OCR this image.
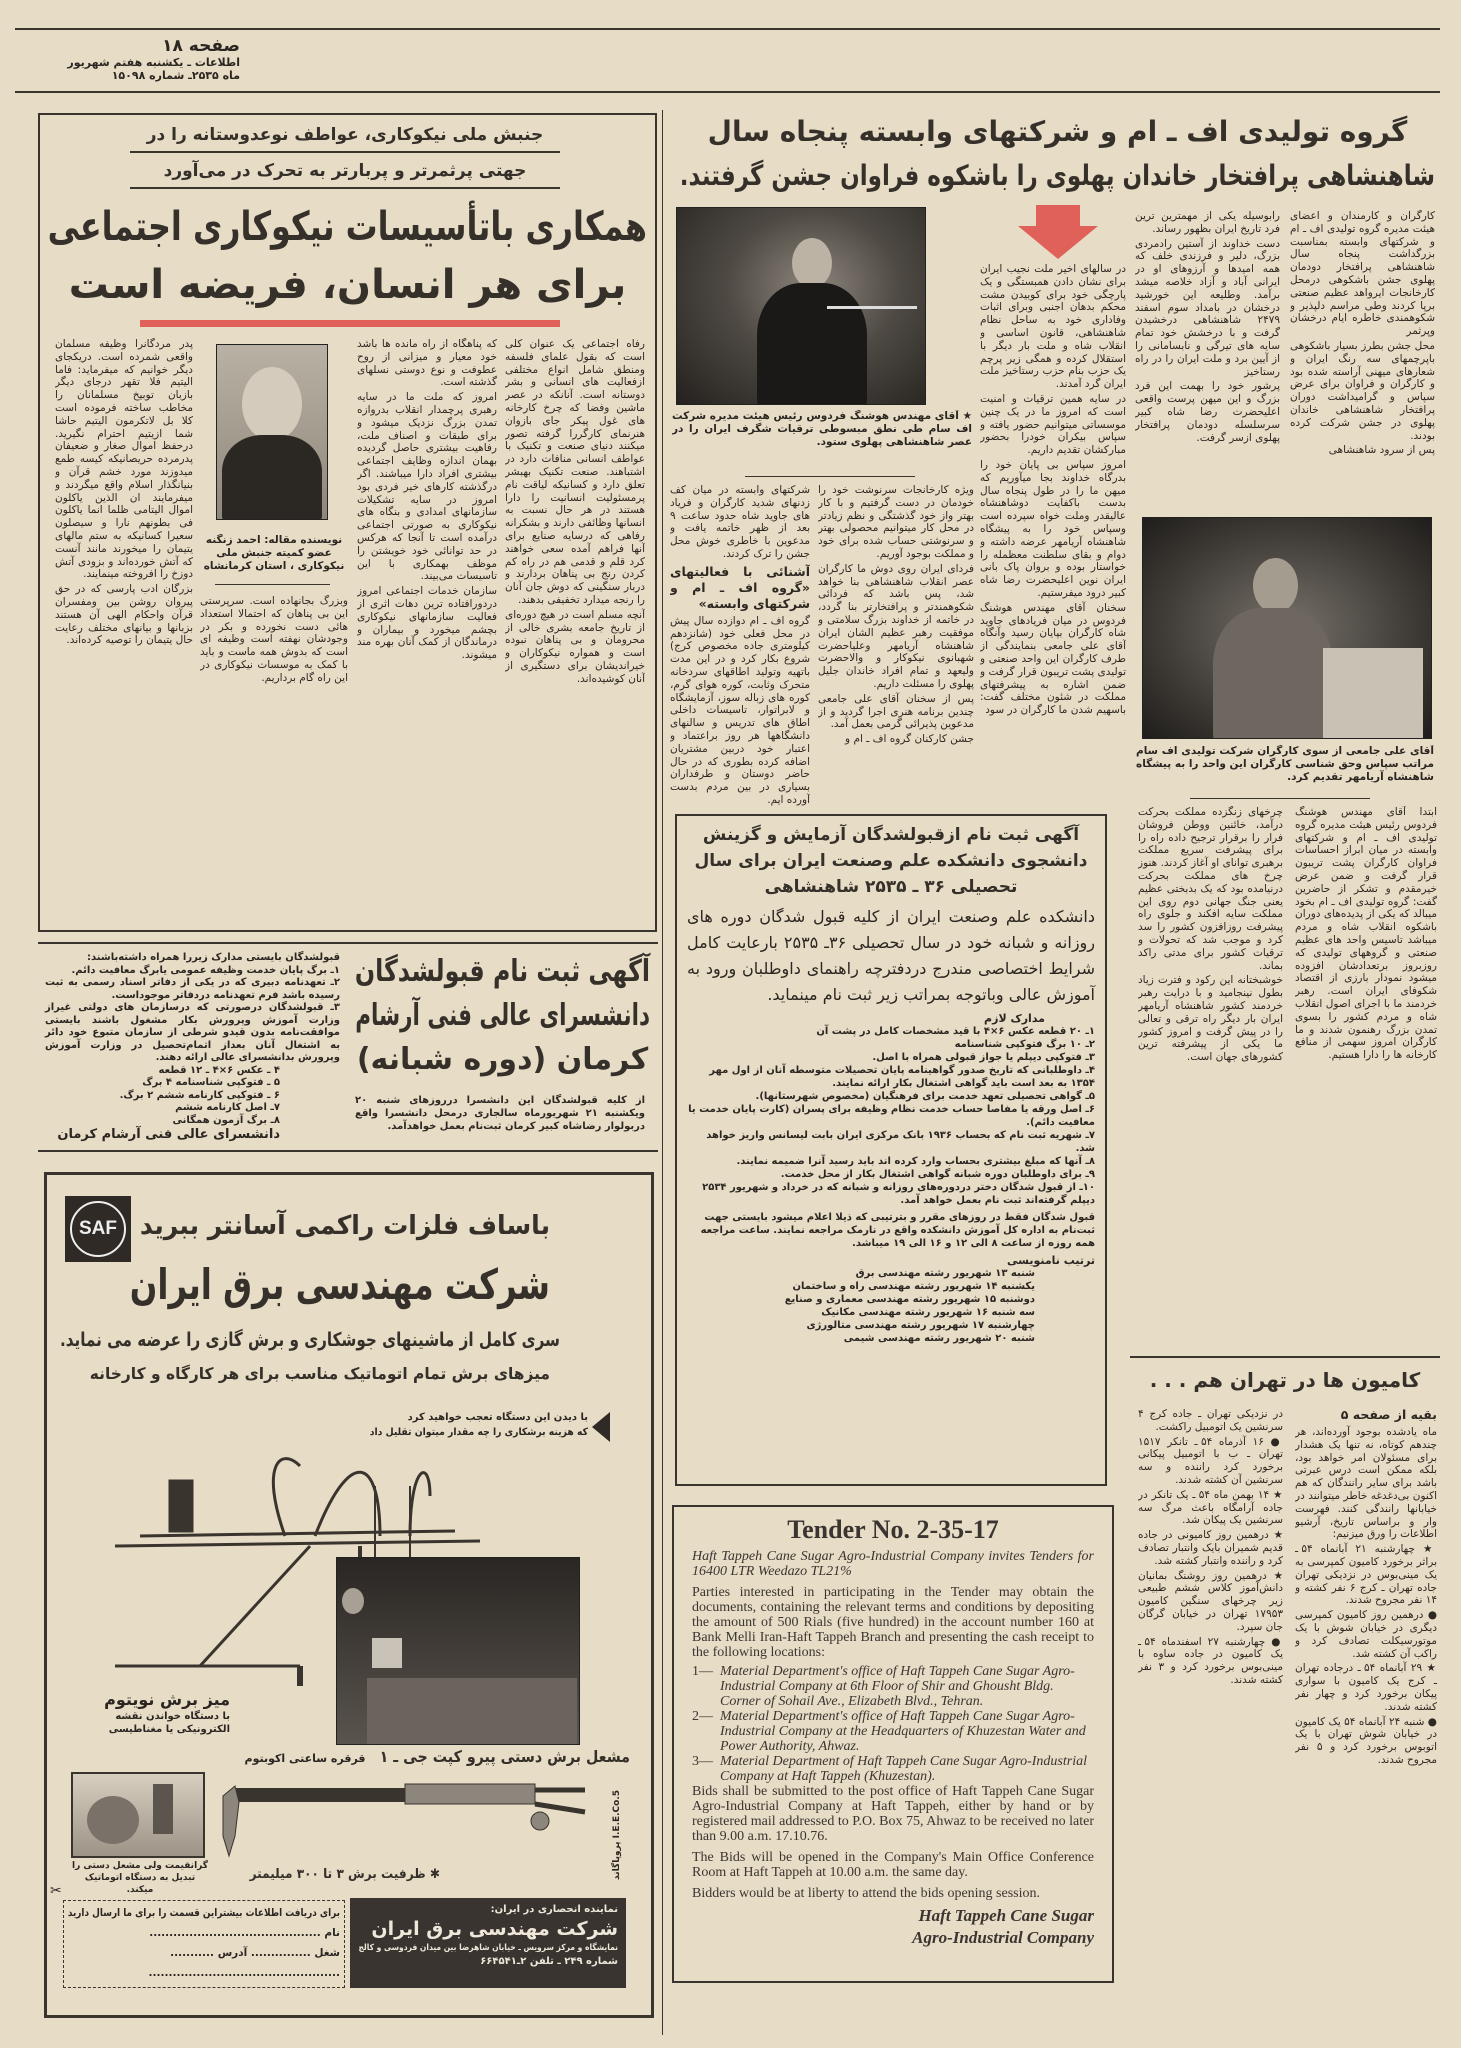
صفحه ۱۸
اطلاعات ـ یکشنبه هفتم شهریور
ماه ۲۵۳۵ـ شماره ۱۵۰۹۸
جنبش ملی نیکوکاری، عواطف نوعدوستانه را در
جهتی پرثمرتر و پربارتر به تحرک در می‌آورد
همکاری باتأسیسات نیکوکاری اجتماعی
برای هر انسان، فریضه است

رفاه اجتماعی یک عنوان کلی است که بقول علمای فلسفه ومنطق شامل انواع مختلفی ازفعالیت های انسانی و بشر دوستانه است. آنانکه در عصر ماشین وفضا که چرخ کارخانه های غول پیکر جای بازوان هنرنمای کارگررا گرفته تصور میکنند دنیای صنعت و تکنیک با عواطف انسانی منافات دارد در اشتباهند. صنعت تکنیک بهبشر تعلق دارد و کسانیکه لیاقت نام پرمسئولیت انسانیت را دارا هستند در هر حال نسبت به انسانها وظائفی دارند و بشکرانه رفاهی که درسایه صنایع برای آنها فراهم آمده سعی خواهند کرد قلم و قدمی هم در راه کم کردن رنج بی پناهان بردارند و دربار سنگینی که دوش جان آنان را رنجه میدارد تخفیفی بدهند.

آنچه مسلم است در هیچ دوره‌ای از تاریخ جامعه بشری خالی از محرومان و بی پناهان نبوده است و همواره نیکوکاران و خیراندیشان برای دستگیری از آنان کوشیده‌اند.

که پناهگاه از راه مانده ها باشد خود معیار و میزانی از روح عطوفت و نوع دوستی نسلهای گذشته است.

امروز که ملت ما در سایه رهبری پرچمدار انقلاب بدروازه تمدن بزرگ نزدیک میشود و برای طبقات و اصناف ملت، رفاهیت بیشتری حاصل گردیده بهمان اندازه وظایف اجتماعی بیشتری افراد دارا میباشند. اگر درگذشته کارهای خیر فردی بود امروز در سایه تشکیلات سازمانهای امدادی و بنگاه های نیکوکاری به صورتی اجتماعی درآمده است تا آنجا که هرکس در حد توانائی خود خویشتن را موظف بهمکاری با این تاسیسات می‌بیند.

سازمان خدمات اجتماعی امروز دردورافتاده ترین دهات اثری از فعالیت سازمانهای نیکوکاری بچشم میخورد و بیماران و درماندگان از کمک آنان بهره مند میشوند.

نویسنده مقاله: احمد زنگنه عضو کمیته جنبش ملی نیکوکاری ، استان کرمانشاه

وبزرگ بجانهاده است. سرپرستی این بی پناهان که احتمالا استعداد هائی دست نخورده و بکر در وجودشان نهفته است وظیفه ای است که بدوش همه ماست و باید با کمک به موسسات نیکوکاری در این راه گام برداریم.

پدر مردگانرا وظیفه مسلمان واقعی شمرده است. دریکجای دیگر خوانیم که میفرماید: فاما اليتيم فلا تقهر درجای دیگر بازبان توبیخ مسلمانان را مخاطب ساخته فرموده است كلا بل لاتكرمون اليتيم حاشا شما ازیتیم احترام نگیرید. درحفظ اموال صغار و ضعیفان پدرمرده حریصانیکه کیسه طمع میدوزند مورد خشم قرآن و بنیانگذار اسلام واقع میگردند و میفرمایند ان الذین یاکلون اموال اليتامى ظلما انما یاکلون فی بطونهم نارا و سیصلون سعیرا کسانیکه به ستم مالهای یتیمان را میخورند مانند آنست که آتش خورده‌اند و بزودی آتش دوزخ را افروخته مینمایند.

بزرگان ادب پارسی که در حق پیروان روشن بین ومفسران قرآن واحکام الهی آن هستند بزبانها و بیانهای مختلف رعایت حال یتیمان را توصیه کرده‌اند.

گروه تولیدی اف ـ ام و شرکتهای وابسته پنجاه سال
شاهنشاهی پرافتخار خاندان پهلوی را باشکوه فراوان جشن گرفتند.

کارگران و کارمندان و اعضای هیئت مدیره گروه تولیدی اف ـ ام و شرکتهای وابسته بمناسبت بزرگداشت پنجاه سال شاهنشاهی پرافتخار دودمان پهلوی جشن باشکوهی درمحل کارخانجات ایرواهد عظیم صنعتی برپا کردند وطی مراسم دلپذیر و شکوهمندی خاطره ایام درخشان وپرثمر

محل جشن بطرز بسیار باشکوهی باپرچمهای سه رنگ ایران و شعارهای میهنی آراسته شده بود و کارگران و فراوان برای عرض سپاس و گرامیداشت دوران پرافتخار شاهنشاهی خاندان پهلوی در جشن شرکت کرده بودند.

پس از سرود شاهنشاهی

رابوسیله یکی از مهمترین ترین فرد تاریخ ایران بظهور رساند.

دست خداوند از آستین رادمردی بزرگ، دلیر و فرزندی خلف که همه امیدها و آرزوهای او در ایرانی آباد و آزاد خلاصه میشد برآمد. وطلیعه این خورشید درخشان در بامداد سوم اسفند ۲۴۷۹ شاهنشاهی درخشیدن گرفت و با درخشش خود تمام سایه های تیرگی و نابسامانی را از آیین برد و ملت ایران را در راه رستاخیز

پرشور خود را بهمت این فرد بزرگ و این میهن پرست واقعی اعلیحضرت رضا شاه کبیر سرسلسله دودمان پرافتخار پهلوی ازسر گرفت.

در سالهای اخیر ملت نجیب ایران برای نشان دادن همبستگی و یک پارچگی خود برای کوبیدن مشت محکم بدهان اجنبی وبرای اثبات وفاداری خود به ساحل نظام شاهنشاهی، قانون اساسی و انقلاب شاه و ملت بار دیگر با استقلال کرده و همگی زیر پرچم یک حزب بنام حزب رستاخیز ملت ایران گرد آمدند.

در سایه همین ترقیات و امنیت است که امروز ما در یک چنین موسساتی میتوانیم حضور یافته و سپاس بیکران خودرا بحضور مبارکشان تقدیم داریم.

امروز سپاس بی پایان خود را بدرگاه خداوند بجا میآوریم که میهن ما را در طول پنجاه سال بدست باکفایت دوشاهنشاه عالیقدر وملت خواه سپرده است وسپاس خود را به پیشگاه شاهنشاه آریامهر عرضه داشته و دوام و بقای سلطنت معظمله را خواستار بوده و بروان پاک بانی ایران نوین اعلیحضرت رضا شاه کبیر درود میفرستیم.

سخنان آقای مهندس هوشنگ فردوس در میان فریادهای جاوید شاه کارگران بپایان رسید وآنگاه آقای علی جامعی بنمایندگی از طرف کارگران این واحد صنعتی و تولیدی پشت تریبون قرار گرفت و ضمن اشاره به پیشرفتهای مملکت در شئون مختلف گفت: باسهیم شدن ما کارگران در سود

★ آقای مهندس هوشنگ فردوس رئیس هیئت مدیره شرکت اف سام طی نطق مبسوطی ترقیات شگرف ایران را در عصر شاهنشاهی پهلوی ستود.

ویژه کارخانجات سرنوشت خود را خودمان در دست گرفتیم و با کار بهتر واز خود گذشتگی و نظم زیادتر در محل کار میتوانیم محصولی بهتر و سرنوشتی حساب شده برای خود و مملکت بوجود آوریم.

فردای ایران روی دوش ما کارگران عصر انقلاب شاهنشاهی بنا خواهد شد، پس باشد که فردائی شکوهمندتر و پرافتخارتر بنا گردد، در خاتمه از خداوند بزرگ سلامتی و موفقیت رهبر عظیم الشان ایران شاهنشاه آریامهر وعلیاحضرت شهبانوی نیکوکار و والاحضرت ولیعهد و تمام افراد خاندان جلیل پهلوی را مسئلت داریم.

پس از سخنان آقای علی جامعی چندین برنامه هنری اجرا گردید و از مدعوین پذیرائی گرمی بعمل آمد.

جشن کارکنان گروه اف ـ ام و

شرکتهای وابسته در میان کف زدنهای شدید کارگران و فریاد های جاوید شاه حدود ساعت ۹ بعد از ظهر خاتمه یافت و مدعوین با خاطری خوش محل جشن را ترک کردند.

آشنائی با فعالیتهای «گروه اف ـ ام و شرکتهای وابسته»

گروه اف ـ ام دوازده سال پیش در محل فعلی خود (شانزدهم کیلومتری جاده مخصوص کرج) شروع بکار کرد و در این مدت باتهیه وتولید اطاقهای سردخانه متحرک وثابت، کوره هوای گرم، کوره های زباله سوز، آزمایشگاه و لابراتوار، تاسیسات داخلی اطاق های تدریس و سالنهای دانشگاهها هر روز براعتماد و اعتبار خود دربین مشتریان اضافه کرده بطوری که در حال حاضر دوستان و طرفداران بسیاری در بین مردم بدست آورده ایم.

آقای علی جامعی از سوی کارگران شرکت تولیدی اف سام مراتب سپاس وحق شناسی کارگران این واحد را به پیشگاه شاهنشاه آریامهر تقدیم کرد.

ابتدا آقای مهندس هوشنگ فردوس رئیس هیئت مدیره گروه تولیدی اف ـ ام و شرکتهای وابسته در میان ابراز احساسات فراوان کارگران پشت تریبون قرار گرفت و ضمن عرض خیرمقدم و تشکر از حاضرین گفت: گروه تولیدی اف ـ ام بخود میبالد که یکی از پدیده‌های دوران باشکوه انقلاب شاه و مردم میباشد تاسیس واحد های عظیم صنعتی و گروههای تولیدی که روزبروز برتعدادشان افزوده میشود نمودار بارزی از اقتصاد شکوفای ایران است. رهبر خردمند ما با اجرای اصول انقلاب شاه و مردم کشور را بسوی تمدن بزرگ رهنمون شدند و ما کارگران امروز سهمی از منافع کارخانه ها را دارا هستیم.

چرخهای زنگزده مملکت بحرکت درآمد، خائنین ووطن فروشان فرار را برقرار ترجیح داده راه را برای پیشرفت سریع مملکت برهبری توانای او آغاز کردند. هنوز چرخ های مملکت بحرکت درنیامده بود که یک بدبختی عظیم یعنی جنگ جهانی دوم روی این مملکت سایه افکند و جلوی راه پیشرفت روزافزون کشور را سد کرد و موجب شد که تحولات و ترقیات کشور برای مدتی راکد بماند.

خوشبختانه این رکود و فترت زیاد بطول نینجامید و با درایت رهبر خردمند کشور شاهنشاه آریامهر ایران بار دیگر راه ترقی و تعالی را در پیش گرفت و امروز کشور ما یکی از پیشرفته ترین کشورهای جهان است.

کامیون ها در تهران هم . . .
بقیه از صفحه ۵

ماه یادشده بوجود آورده‌اند، هر چندهم کوتاه، نه تنها یک هشدار برای مسئولان امر خواهد بود، بلکه ممکن است درس عبرتی باشد برای سایر رانندگان که هم اکنون بی‌دغدغه خاطر میتوانند در خیابانها رانندگی کنند. فهرست وار و براساس تاریخ، آرشیو اطلاعات را ورق میزنیم:

★ چهارشنبه ۲۱ آبانماه ۵۴ ـ براثر برخورد کامیون کمپرسی به یک مینی‌بوس در نزدیکی تهران جاده تهران ـ کرج ۶ نفر کشته و ۱۴ نفر مجروح شدند.

● درهمین روز کامیون کمپرسی دیگری در خیابان شوش با یک موتورسیکلت تصادف کرد و راکب آن کشته شد.

★ ۲۹ آبانماه ۵۴ ـ درجاده تهران ـ کرج یک کامیون با سواری پیکان برخورد کرد و چهار نفر کشته شدند.

● شنبه ۲۴ آبانماه ۵۴ یک کامیون در خیابان شوش تهران با یک اتوبوس برخورد کرد و ۵ نفر مجروح شدند.

در نزدیکی تهران ـ جاده کرج ۴ سرنشین یک اتومبیل راکشت.

● ۱۶ آذرماه ۵۴ ـ تانکر ۱۵۱۷ تهران ـ ب با اتومبیل پیکانی برخورد کرد راننده و سه سرنشین آن کشته شدند.

★ ۱۴ بهمن ماه ۵۴ ـ یک تانکر در جاده آرامگاه باعث مرگ سه سرنشین یک پیکان شد.

★ درهمین روز کامیونی در جاده قدیم شمیران بایک وانتبار تصادف کرد و راننده وانتبار کشته شد.

★ درهمین روز روشنگ بمانیان دانش‌آموز کلاس ششم طبیعی زیر چرخهای سنگین کامیون ۱۷۹۵۳ تهران در خیابان گرگان جان سپرد.

● چهارشنبه ۲۷ اسفندماه ۵۴ ـ یک کامیون در جاده ساوه با مینی‌بوس برخورد کرد و ۳ نفر کشته شدند.

آگهی ثبت نام ازقبولشدگان آزمایش و گزینش دانشجوی دانشکده علم وصنعت ایران برای سال تحصیلی ۳۶ ـ ۲۵۳۵ شاهنشاهی
دانشکده علم وصنعت ایران از کلیه قبول شدگان دوره های روزانه و شبانه خود در سال تحصیلی ۳۶ـ ۲۵۳۵ بارعایت کامل شرایط اختصاصی مندرج دردفترچه راهنمای داوطلبان ورود به آموزش عالی وباتوجه بمراتب زیر ثبت نام مینماید.
مدارک لازم
۱ـ ۲۰ قطعه عکس ۶×۴ با قید مشخصات کامل در پشت آن
۲ـ ۱۰ برگ فتوکپی شناسنامه
۳ـ فتوکپی دیپلم یا جواز قبولی همراه با اصل.
۴ـ داوطلبانی که تاریخ صدور گواهینامه پایان تحصیلات متوسطه آنان از اول مهر ۱۳۵۴ به بعد است باید گواهی اشتغال بکار ارائه نمایند.
۵ـ گواهی تحصیلی تعهد خدمت برای فرهنگیان (مخصوص شهرستانها).
۶ـ اصل ورقه یا مفاصا حساب خدمت نظام وظیفه برای پسران (کارت پایان خدمت یا معافیت دائم).
۷ـ شهریه ثبت نام که بحساب ۱۹۳۶ بانک مرکزی ایران بابت لیسانس واریز خواهد شد.
۸ـ آنها که مبلغ بیشتری بحساب وارد کرده اند باید رسید آنرا ضمیمه نمایند.
۹ـ برای داوطلبان دوره شبانه گواهی اشتغال بکار از محل خدمت.
۱۰ـ از قبول شدگان دختر دردوره‌های روزانه و شبانه که در خرداد و شهریور ۲۵۳۴ دیپلم گرفته‌اند ثبت نام بعمل خواهد آمد.
قبول شدگان فقط در روزهای مقرر و بترتیبی که ذیلا اعلام میشود بایستی جهت ثبت‌نام به اداره کل آموزش دانشکده واقع در نارمک مراجعه نمایند. ساعت مراجعه همه روزه از ساعت ۸ الی ۱۲ و ۱۶ الی ۱۹ میباشد.
ترتیب نامنویسی
شنبه ۱۳ شهریور رشته مهندسی برق
یکشنبه ۱۴ شهریور رشته مهندسی راه و ساختمان
دوشنبه ۱۵ شهریور رشته مهندسی معماری و صنایع
سه شنبه ۱۶ شهریور رشته مهندسی مکانیک
چهارشنبه ۱۷ شهریور رشته مهندسی متالورژی
شنبه ۲۰ شهریور رشته مهندسی شیمی
Tender No. 2-35-17
Haft Tappeh Cane Sugar Agro-Industrial Company invites Tenders for 16400 LTR Weedazo TL21%
Parties interested in participating in the Tender may obtain the documents, containing the relevant terms and conditions by depositing the amount of 500 Rials (five hundred) in the account number 160 at Bank Melli Iran-Haft Tappeh Branch and presenting the cash receipt to the following locations:
1— Material Department's office of Haft Tappeh Cane Sugar Agro-Industrial Company at 6th Floor of Shir and Ghousht Bldg. Corner of Sohail Ave., Elizabeth Blvd., Tehran.
2— Material Department's office of Haft Tappeh Cane Sugar Agro-Industrial Company at the Headquarters of Khuzestan Water and Power Authority, Ahwaz.
3— Material Department of Haft Tappeh Cane Sugar Agro-Industrial Company at Haft Tappeh (Khuzestan).
Bids shall be submitted to the post office of Haft Tappeh Cane Sugar Agro-Industrial Company at Haft Tappeh, either by hand or by registered mail addressed to P.O. Box 75, Ahwaz to be received no later than 9.00 a.m. 17.10.76.
The Bids will be opened in the Company's Main Office Conference Room at Haft Tappeh at 10.00 a.m. the same day.
Bidders would be at liberty to attend the bids opening session.
Haft Tappeh Cane Sugar
Agro-Industrial Company
آگهی ثبت نام قبولشدگان
دانشسرای عالی فنی آرشام
کرمان (دوره شبانه)
از کلیه قبولشدگان این دانشسرا درروزهای شنبه ۲۰ ویکشنبه ۲۱ شهریورماه سالجاری درمحل دانشسرا واقع دربولوار رضاشاه کبیر کرمان ثبت‌نام بعمل خواهدآمد.
قبولشدگان بایستی مدارک زیررا همراه داشته‌باشند:
۱ـ برگ پایان خدمت وظیفه عمومی یابرگ معافیت دائم.
۲ـ تعهدنامه دبیری که در یکی از دفاتر اسناد رسمی به ثبت رسیده باشد فرم تعهدنامه دردفاتر موجوداست.
۳ـ قبولشدگان درصورتی که درسازمان های دولتی غیراز وزارت آموزش وپرورش بکار مشغول باشند بایستی موافقت‌نامه بدون قیدو شرطی از سازمان متبوع خود دائر به اشتغال آنان بعداز اتمام‌تحصیل در وزارت آموزش وپرورش بدانشسرای عالی ارائه دهند.
۴ ـ عکس ۶×۴ ـ ۱۲ قطعه
۵ ـ فتوکپی شناسنامه ۴ برگ
۶ ـ فتوکپی کارنامه ششم ۲ برگ.
۷ـ اصل کارنامه ششم
۸ـ برگ آزمون همگانی
دانشسرای عالی فنی آرشام کرمان
SAF باساف فلزات راکمی آسانتر ببرید
شرکت مهندسی برق ایران
سری کامل از ماشینهای جوشکاری و برش گازی را عرضه می نماید.
میزهای برش تمام اتوماتیک مناسب برای هر کارگاه و کارخانه
با دیدن این دستگاه تعجب خواهید کرد
که هزینه برشکاری را چه مقدار میتوان تقلیل داد
میز برش نویتوم
با دستگاه خواندن نقشه الکترونیکی یا مغناطیسی
قرقره ساعتی اکوبتوم
گرانقیمت ولی مشعل دستی را تبدیل به دستگاه اتوماتیک میکند.
مشعل برش دستی پیرو کپت جی ـ ۱
✱ ظرفیت برش ۳ تا ۳۰۰ میلیمتر	I.E.E.Co.5 پروپاگاند
✂
برای دریافت اطلاعات بیشتراین قسمت را برای ما ارسال دارید
نام ...........................................
شغل ............... آدرس ...........
................................................
نماینده انحصاری در ایران:
شرکت مهندسی برق ایران
نمایشگاه و مرکز سرویس ـ خیابان شاهرضا بین میدان فردوسی و کالج
شماره ۲۴۹ ـ تلفن ۲ـ۶۶۴۵۴۱
